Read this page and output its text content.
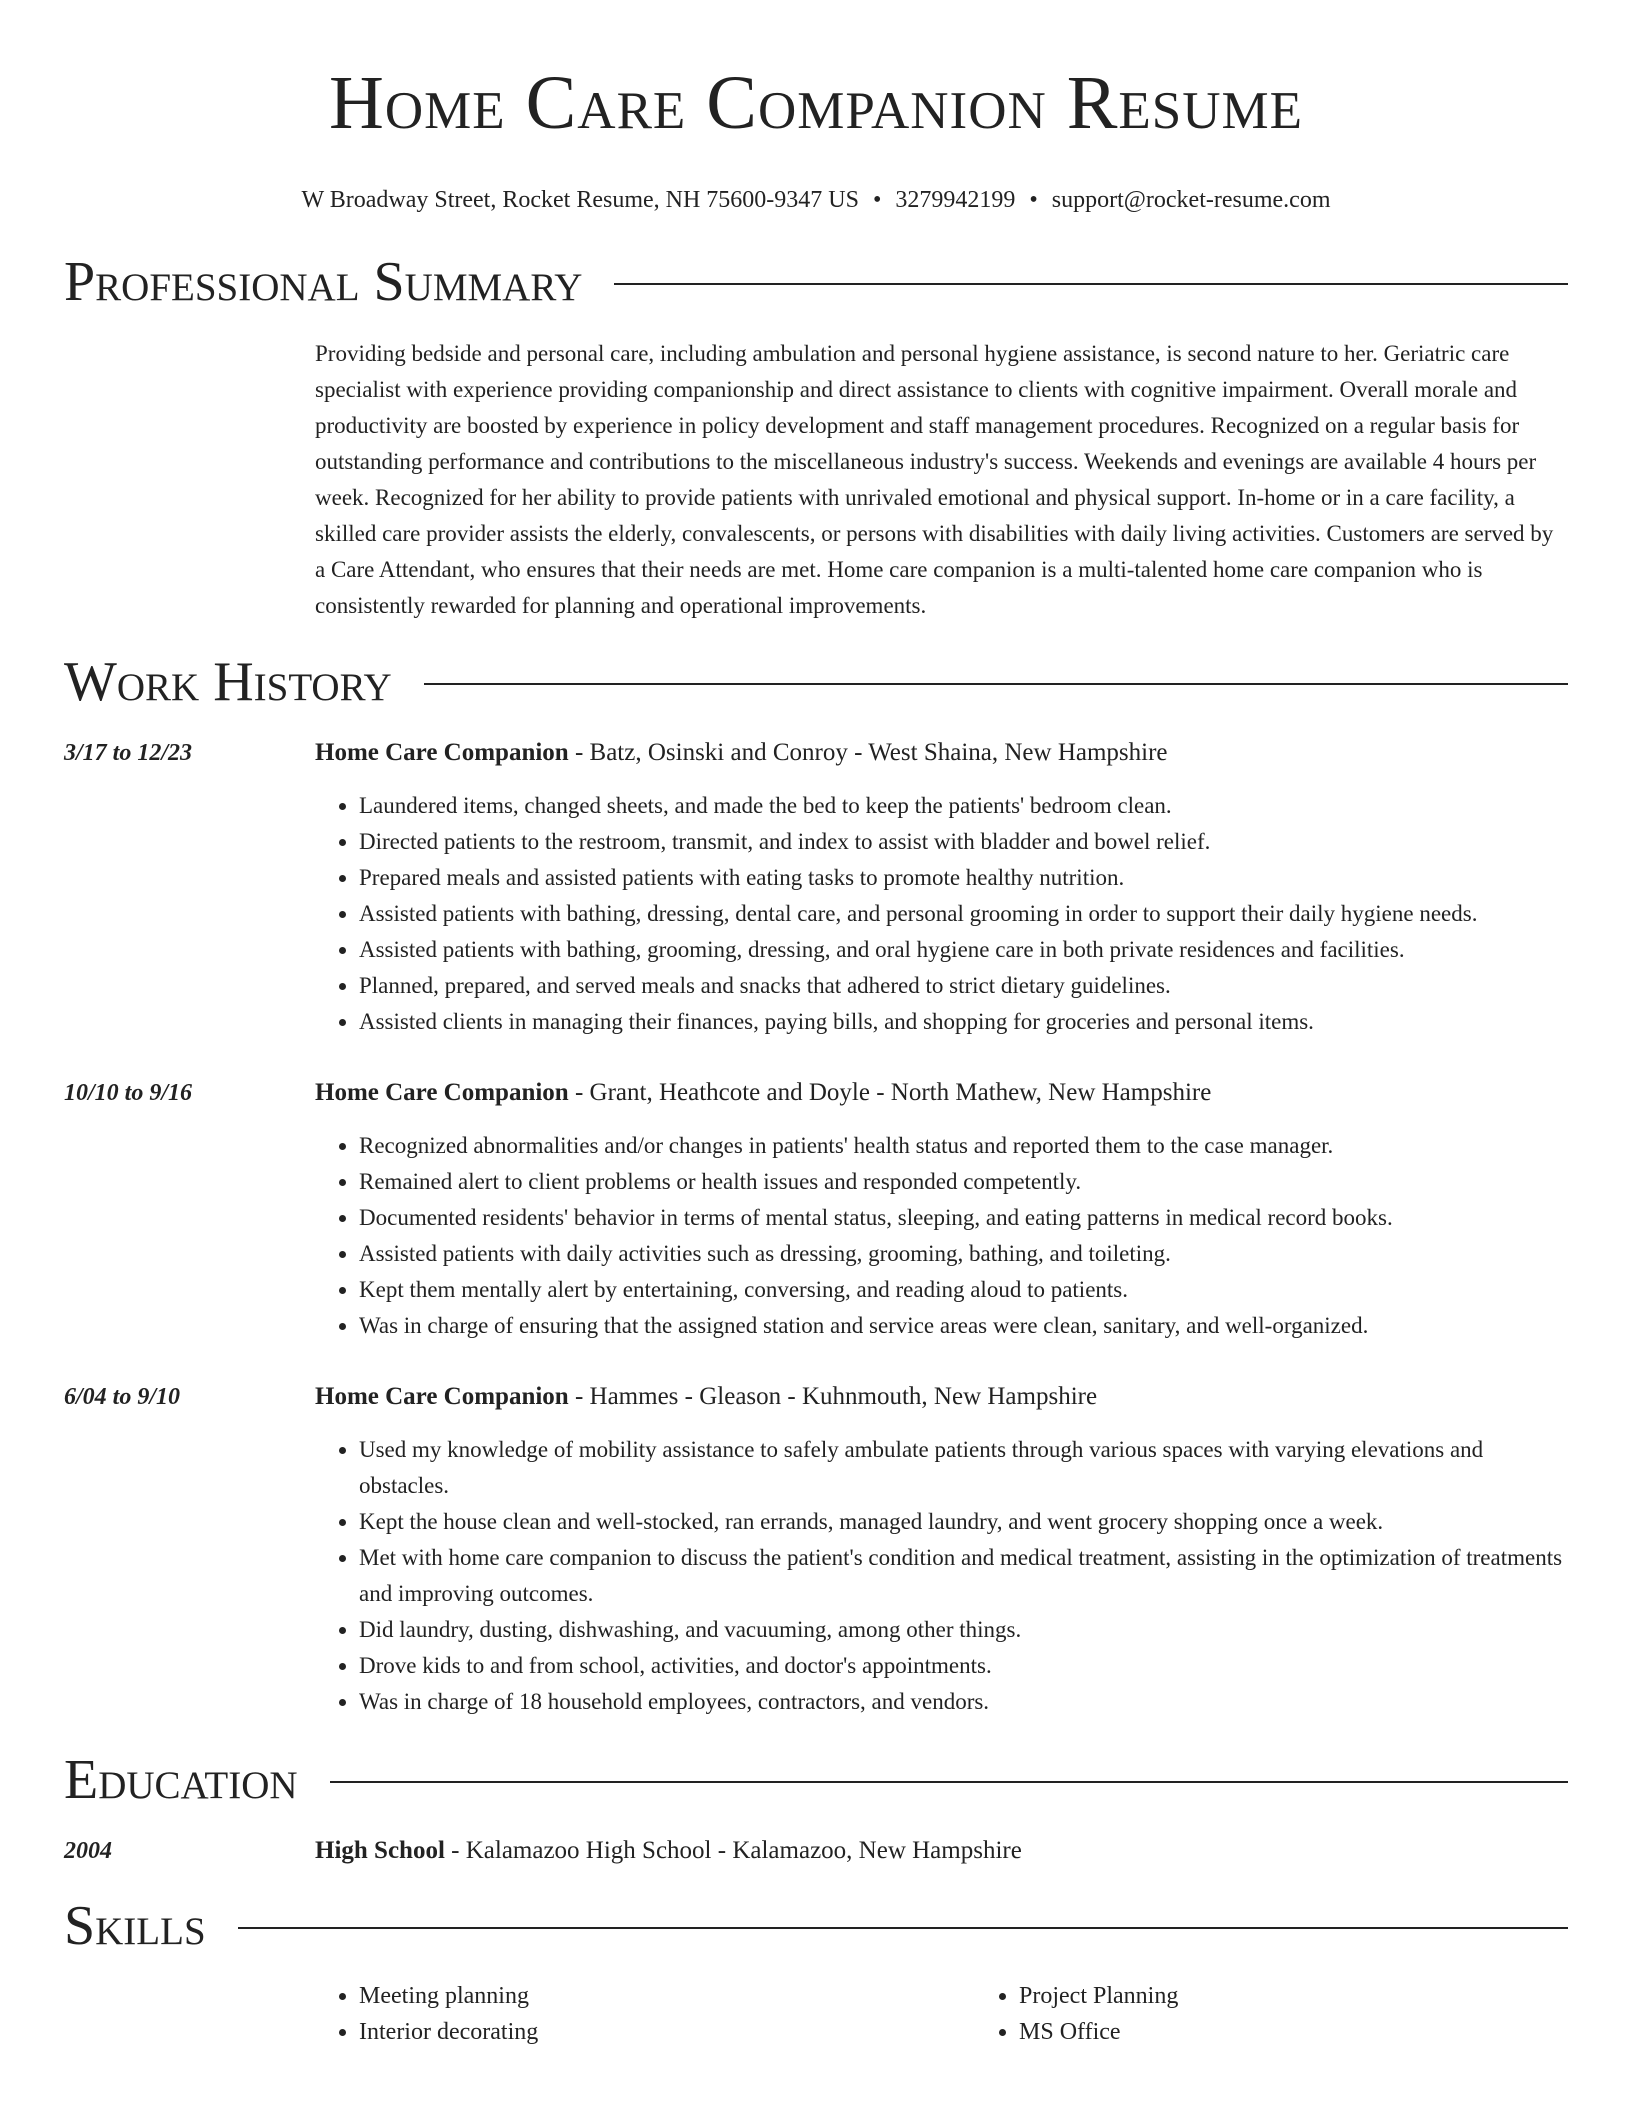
Home Care Companion Resume
W Broadway Street, Rocket Resume, NH 75600-9347 US • 3279942199 • support@rocket-resume.com
Professional Summary

Providing bedside and personal care, including ambulation and personal hygiene assistance, is second nature to her. Geriatric care specialist with experience providing companionship and direct assistance to clients with cognitive impairment. Overall morale and productivity are boosted by experience in policy development and staff management procedures. Recognized on a regular basis for outstanding performance and contributions to the miscellaneous industry's success. Weekends and evenings are available 4 hours per week. Recognized for her ability to provide patients with unrivaled emotional and physical support. In-home or in a care facility, a skilled care provider assists the elderly, convalescents, or persons with disabilities with daily living activities. Customers are served by a Care Attendant, who ensures that their needs are met. Home care companion is a multi-talented home care companion who is consistently rewarded for planning and operational improvements.

Work History
3/17 to 12/23	Home Care Companion - Batz, Osinski and Conroy - West Shaina, New Hampshire
• Laundered items, changed sheets, and made the bed to keep the patients' bedroom clean.
• Directed patients to the restroom, transmit, and index to assist with bladder and bowel relief.
• Prepared meals and assisted patients with eating tasks to promote healthy nutrition.
• Assisted patients with bathing, dressing, dental care, and personal grooming in order to support their daily hygiene needs.
• Assisted patients with bathing, grooming, dressing, and oral hygiene care in both private residences and facilities.
• Planned, prepared, and served meals and snacks that adhered to strict dietary guidelines.
• Assisted clients in managing their finances, paying bills, and shopping for groceries and personal items.
10/10 to 9/16	Home Care Companion - Grant, Heathcote and Doyle - North Mathew, New Hampshire
• Recognized abnormalities and/or changes in patients' health status and reported them to the case manager.
• Remained alert to client problems or health issues and responded competently.
• Documented residents' behavior in terms of mental status, sleeping, and eating patterns in medical record books.
• Assisted patients with daily activities such as dressing, grooming, bathing, and toileting.
• Kept them mentally alert by entertaining, conversing, and reading aloud to patients.
• Was in charge of ensuring that the assigned station and service areas were clean, sanitary, and well-organized.
6/04 to 9/10	Home Care Companion - Hammes - Gleason - Kuhnmouth, New Hampshire
• Used my knowledge of mobility assistance to safely ambulate patients through various spaces with varying elevations and obstacles.
• Kept the house clean and well-stocked, ran errands, managed laundry, and went grocery shopping once a week.
• Met with home care companion to discuss the patient's condition and medical treatment, assisting in the optimization of treatments and improving outcomes.
• Did laundry, dusting, dishwashing, and vacuuming, among other things.
• Drove kids to and from school, activities, and doctor's appointments.
• Was in charge of 18 household employees, contractors, and vendors.
Education
2004	High School - Kalamazoo High School - Kalamazoo, New Hampshire
Skills
• Meeting planning
• Interior decorating
• Project Planning
• MS Office
